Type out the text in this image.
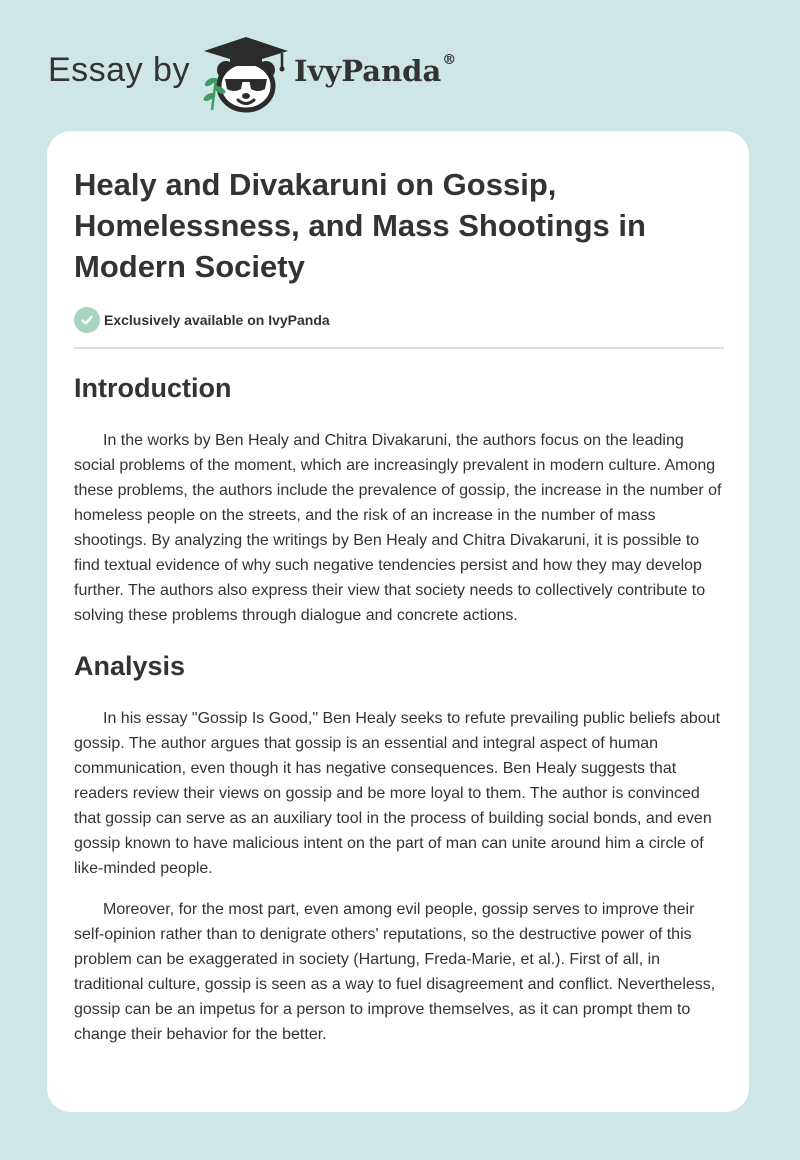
Essay by	IvyPanda®
Healy and Divakaruni on Gossip, Homelessness, and Mass Shootings in Modern Society
Exclusively available on IvyPanda
Introduction

In the works by Ben Healy and Chitra Divakaruni, the authors focus on the leading social problems of the moment, which are increasingly prevalent in modern culture. Among these problems, the authors include the prevalence of gossip, the increase in the number of homeless people on the streets, and the risk of an increase in the number of mass shootings. By analyzing the writings by Ben Healy and Chitra Divakaruni, it is possible to find textual evidence of why such negative tendencies persist and how they may develop further. The authors also express their view that society needs to collectively contribute to solving these problems through dialogue and concrete actions.

Analysis

In his essay "Gossip Is Good," Ben Healy seeks to refute prevailing public beliefs about gossip. The author argues that gossip is an essential and integral aspect of human communication, even though it has negative consequences. Ben Healy suggests that readers review their views on gossip and be more loyal to them. The author is convinced that gossip can serve as an auxiliary tool in the process of building social bonds, and even gossip known to have malicious intent on the part of man can unite around him a circle of like-minded people.

Moreover, for the most part, even among evil people, gossip serves to improve their self-opinion rather than to denigrate others' reputations, so the destructive power of this problem can be exaggerated in society (Hartung, Freda-Marie, et al.). First of all, in traditional culture, gossip is seen as a way to fuel disagreement and conflict. Nevertheless, gossip can be an impetus for a person to improve themselves, as it can prompt them to change their behavior for the better.
